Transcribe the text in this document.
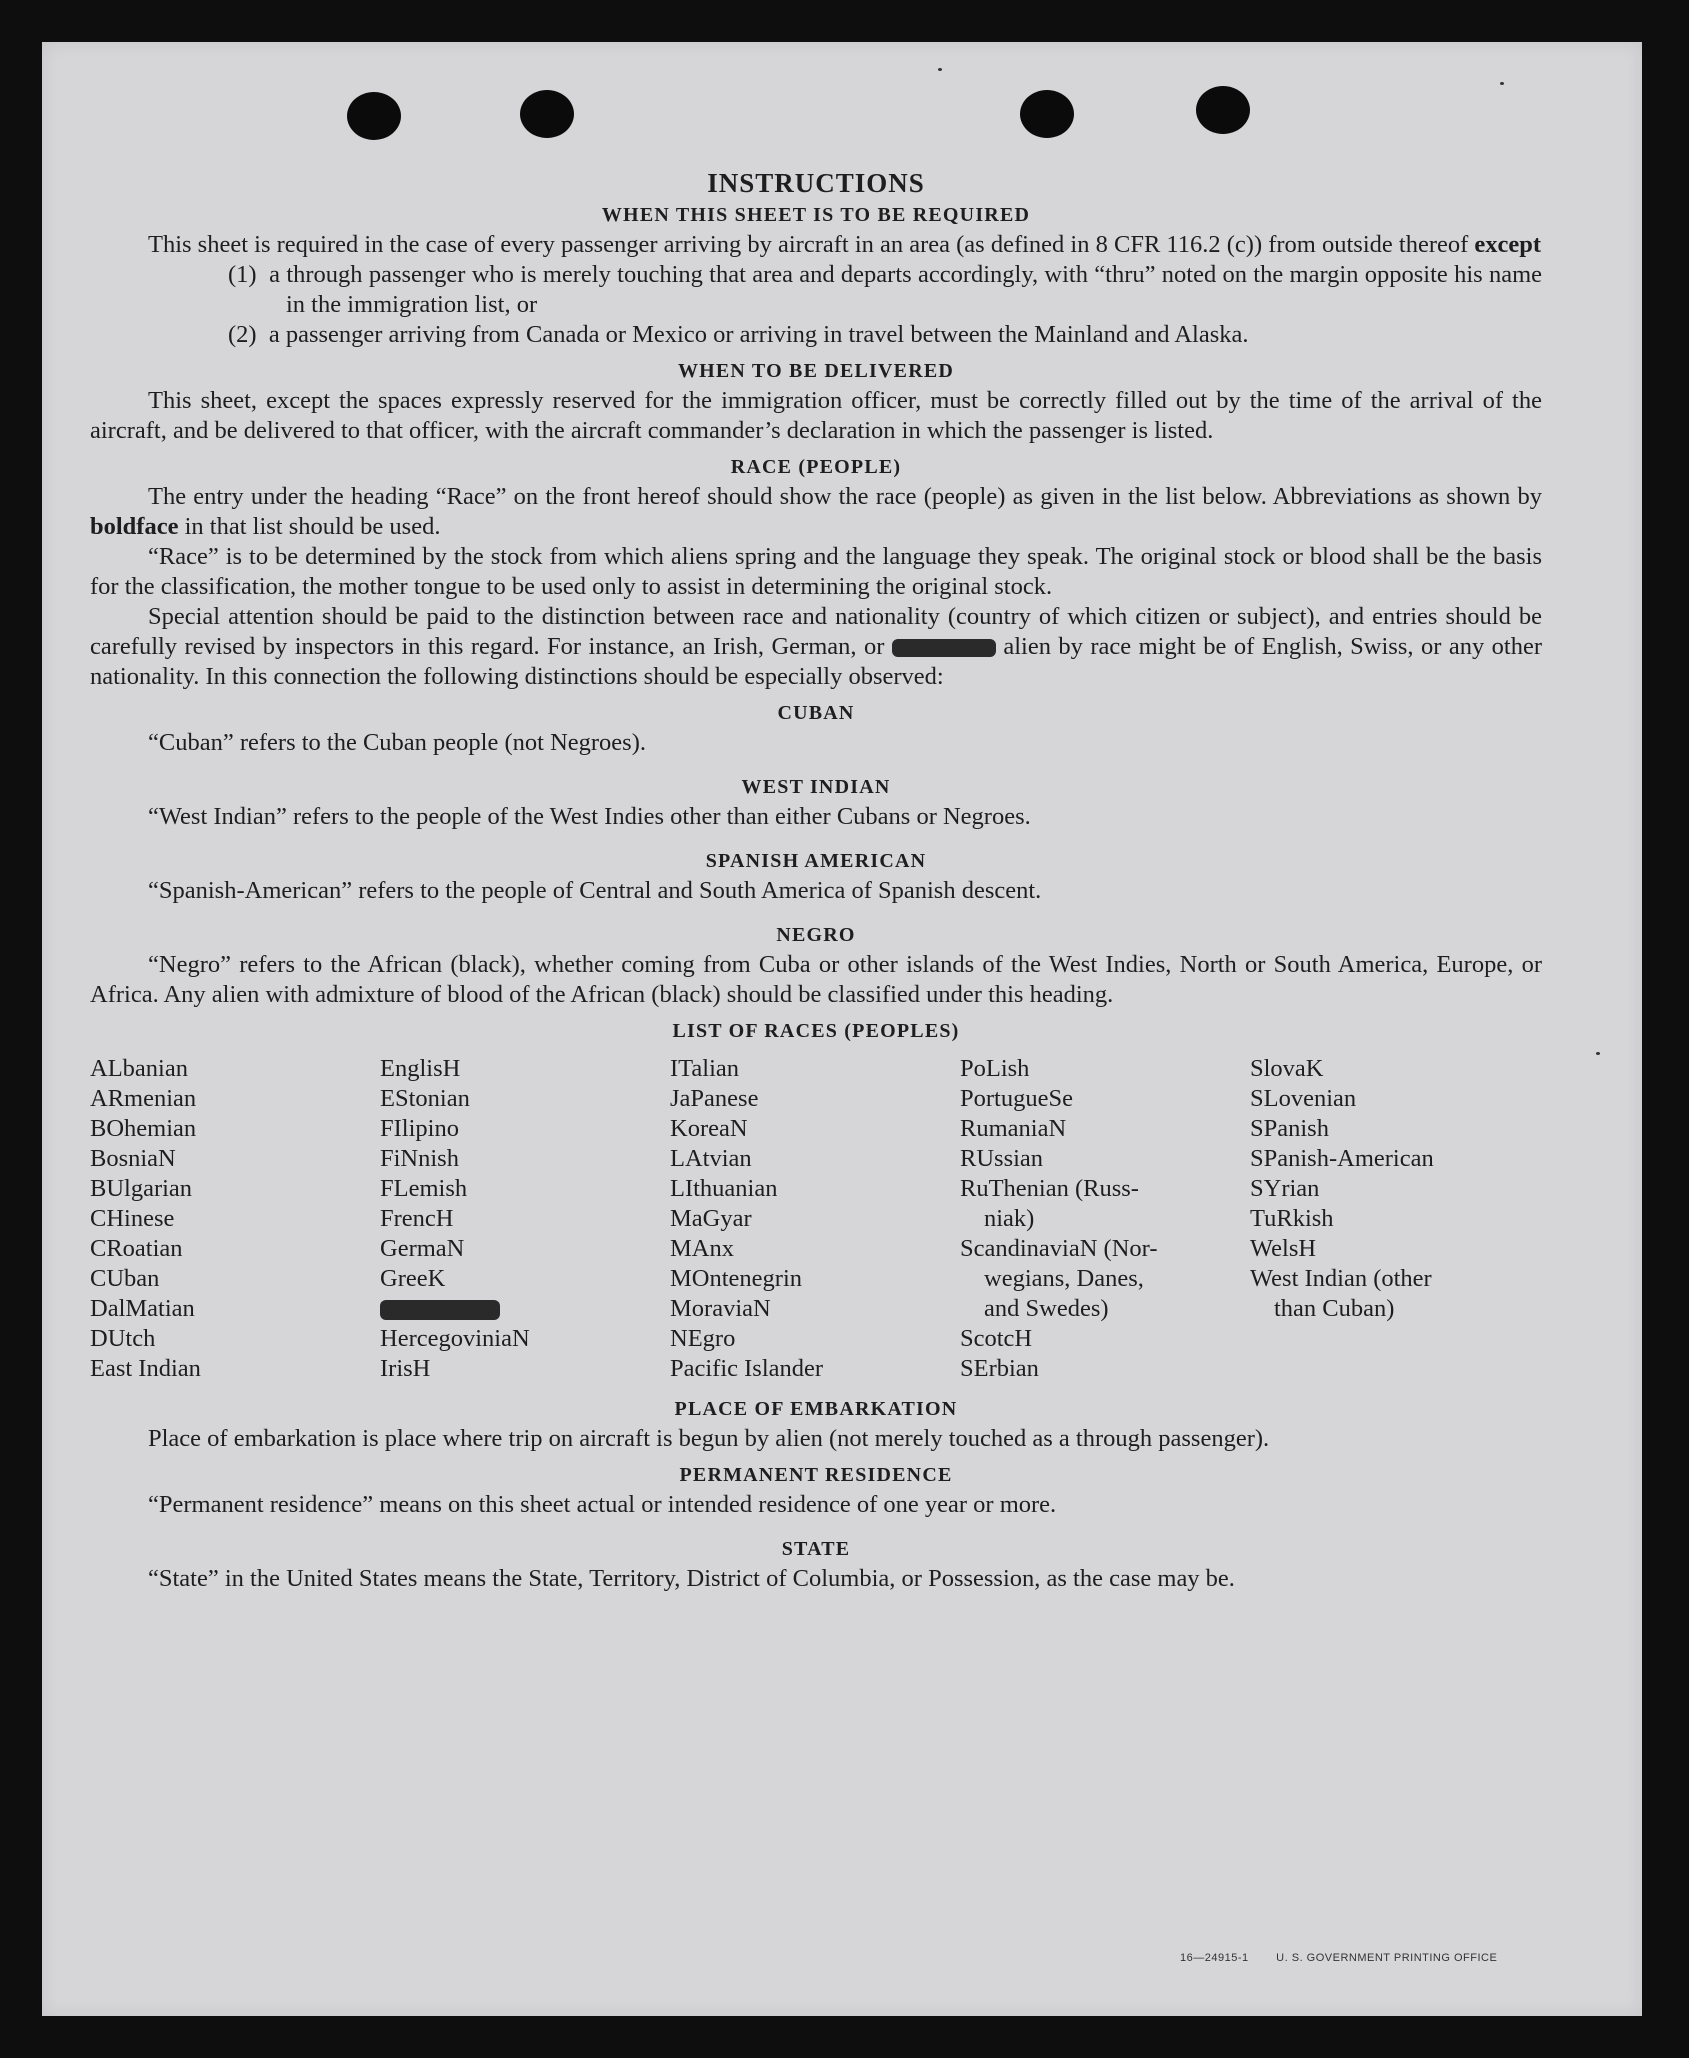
INSTRUCTIONS
WHEN THIS SHEET IS TO BE REQUIRED

This sheet is required in the case of every passenger arriving by aircraft in an area (as defined in 8 CFR 116.2 (c)) from outside thereof except

(1) a through passenger who is merely touching that area and departs accordingly, with “thru” noted on the margin opposite his name in the immigration list, or

(2) a passenger arriving from Canada or Mexico or arriving in travel between the Mainland and Alaska.

WHEN TO BE DELIVERED

This sheet, except the spaces expressly reserved for the immigration officer, must be correctly filled out by the time of the arrival of the aircraft, and be delivered to that officer, with the aircraft commander’s declaration in which the passenger is listed.

RACE (PEOPLE)

The entry under the heading “Race” on the front hereof should show the race (people) as given in the list below. Abbreviations as shown by boldface in that list should be used.

“Race” is to be determined by the stock from which aliens spring and the language they speak. The original stock or blood shall be the basis for the classification, the mother tongue to be used only to assist in determining the original stock.

Special attention should be paid to the distinction between race and nationality (country of which citizen or subject), and entries should be carefully revised by inspectors in this regard. For instance, an Irish, German, or	alien by race might be of English, Swiss, or any other nationality. In this connection the following distinctions should be especially observed:

CUBAN

“Cuban” refers to the Cuban people (not Negroes).

WEST INDIAN

“West Indian” refers to the people of the West Indies other than either Cubans or Negroes.

SPANISH AMERICAN

“Spanish-American” refers to the people of Central and South America of Spanish descent.

NEGRO

“Negro” refers to the African (black), whether coming from Cuba or other islands of the West Indies, North or South America, Europe, or Africa. Any alien with admixture of blood of the African (black) should be classified under this heading.

LIST OF RACES (PEOPLES)
ALbanian
ARmenian
BOhemian
BosniaN
BUlgarian
CHinese
CRoatian
CUban
DalMatian
DUtch
East Indian
EnglisH
EStonian
FIlipino
FiNnish
FLemish
FrencH
GermaN
GreeK
HercegoviniaN
IrisH
ITalian
JaPanese
KoreaN
LAtvian
LIthuanian
MaGyar
MAnx
MOntenegrin
MoraviaN
NEgro
Pacific Islander
PoLish
PortugueSe
RumaniaN
RUssian
RuThenian (Russ-
niak)
ScandinaviaN (Nor-
wegians, Danes,
and Swedes)
ScotcH
SErbian
SlovaK
SLovenian
SPanish
SPanish-American
SYrian
TuRkish
WelsH
West Indian (other
than Cuban)
PLACE OF EMBARKATION

Place of embarkation is place where trip on aircraft is begun by alien (not merely touched as a through passenger).

PERMANENT RESIDENCE

“Permanent residence” means on this sheet actual or intended residence of one year or more.

STATE

“State” in the United States means the State, Territory, District of Columbia, or Possession, as the case may be.

16—24915-1	U. S. GOVERNMENT PRINTING OFFICE
